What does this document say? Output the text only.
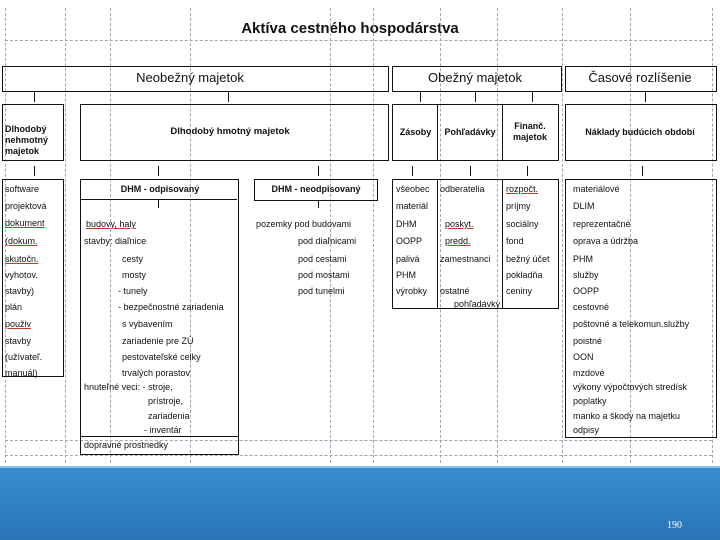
Aktíva cestného hospodárstva
Neobežný majetok	Obežný majetok	Časové rozlíšenie
Dlhodobý nehmotný majetok
Dlhodobý hmotný majetok	Zásoby	Pohľadávky
Finanč. majetok	Náklady budúcich období
DHM - odpisovaný	DHM - neodpisovaný
software
projektová
dokument
(dokum.
skutočn.
vyhotov.
stavby)
plán
použiv
stavby
(užívateľ.
manuál)
budovy, haly
stavby: diaľnice
cesty
mosty
- tunely
- bezpečnostné zariadenia
s vybavením
zariadenie pre ZÚ
pestovateľské celky
trvalých porastov
hnuteľné veci: - stroje,
prístroje,
zariadenia
- inventár
dopravné prostriedky
pozemky pod budovami
pod diaľnicami
pod cestami
pod mostami
pod tunelmi
všeobec
materiál
DHM
OOPP
palivá
PHM
výrobky
odberatelia
poskyt.
predd.
zamestnanci
ostatné
pohľadávky
rozpočt.
príjmy
sociálny
fond
bežný účet
pokladňa
ceniny
materiálové
DLIM
reprezentačné
oprava a údržba
PHM
služby
OOPP
cestovné
poštovné a telekomun.služby
poistné
OON
mzdové
výkony výpočtových stredísk
poplatky
manko a škody na majetku
odpisy
190
